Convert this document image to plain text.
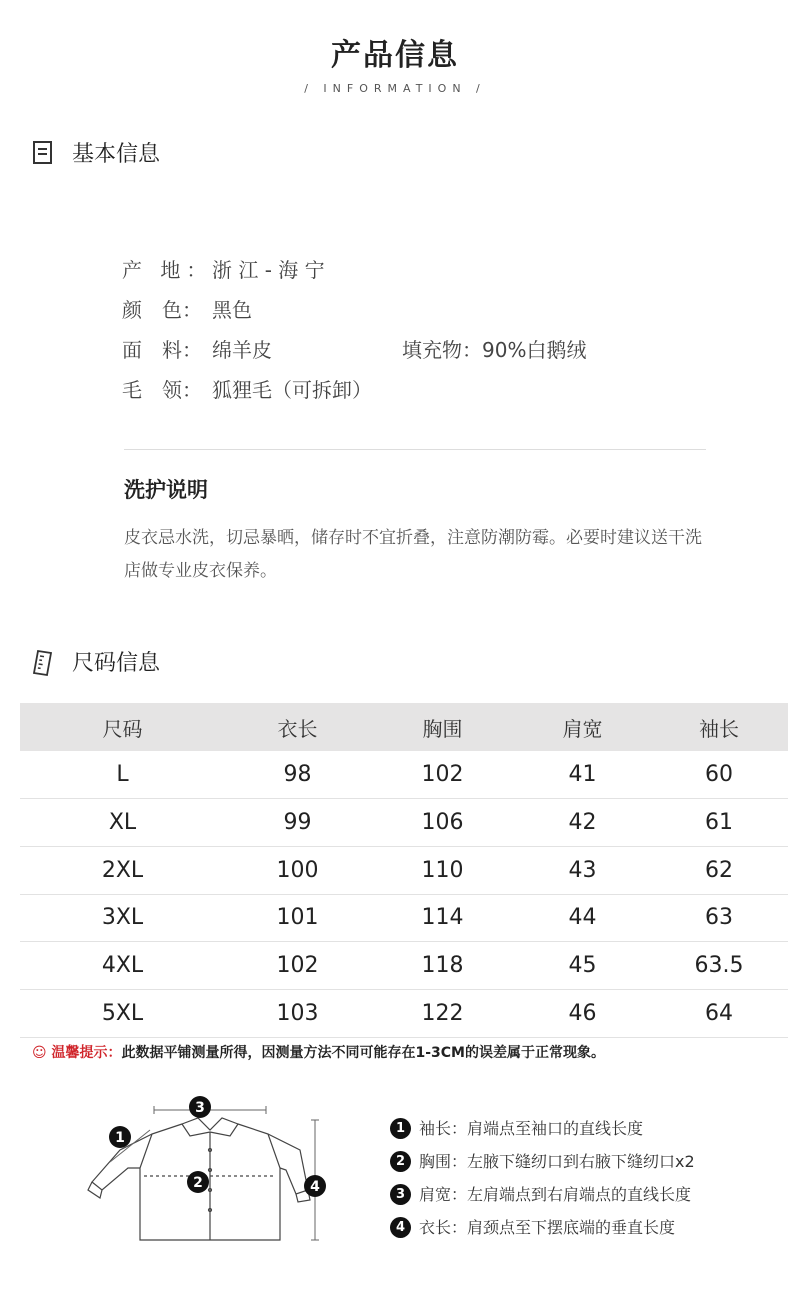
产品信息
/ INFORMATION /
基本信息
产 地：浙 江 - 海 宁
颜　色： 黑色
面　料： 绵羊皮	填充物：90%白鹅绒
毛　领： 狐狸毛（可拆卸）
洗护说明
皮衣忌水洗，切忌暴晒，储存时不宜折叠，注意防潮防霉。必要时建议送干洗店做专业皮衣保养。
尺码信息
尺码	衣长	胸围	肩宽	袖长
L	98	102	41	60
XL	99	106	42	61
2XL	100	110	43	62
3XL	101	114	44	63
4XL	102	118	45	63.5
5XL	103	122	46	64
☺ 温馨提示：此数据平铺测量所得，因测量方法不同可能存在1-3CM的误差属于正常现象。
1
2
3
4
1 袖长： 肩端点至袖口的直线长度
2 胸围： 左腋下缝纫口到右腋下缝纫口x2
3 肩宽： 左肩端点到右肩端点的直线长度
4 衣长： 肩颈点至下摆底端的垂直长度
